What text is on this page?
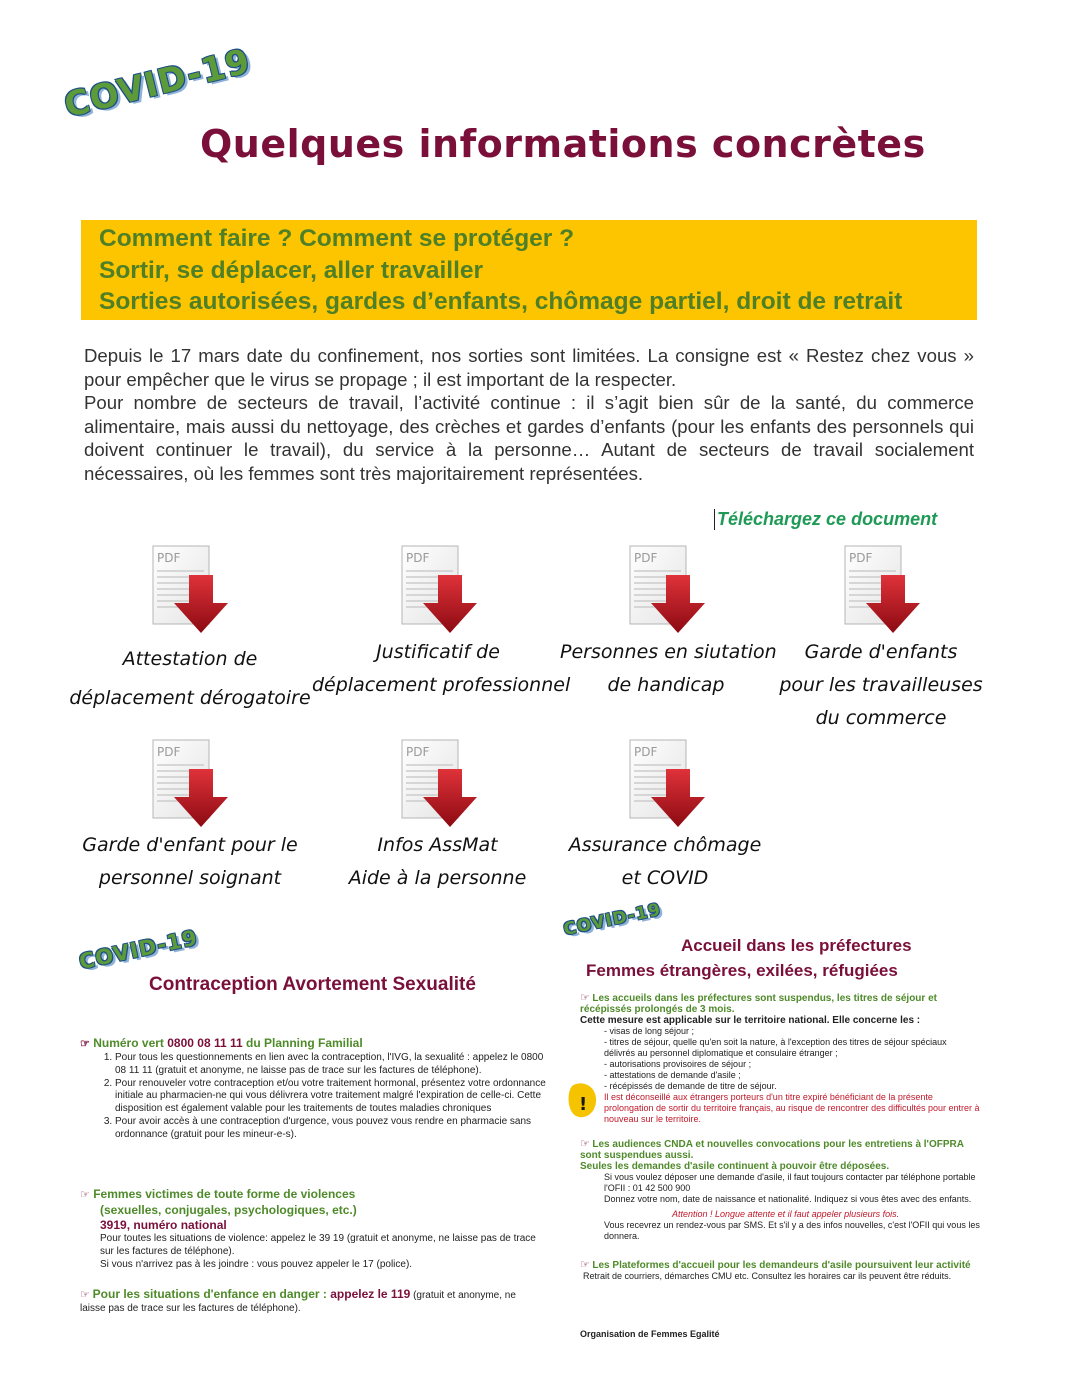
COVID-19
Quelques informations concrètes
Comment faire ? Comment se protéger ?
Sortir, se déplacer, aller travailler
Sorties autorisées, gardes d’enfants, chômage partiel, droit de retrait

Depuis le 17 mars date du confinement, nos sorties sont limitées. La consigne est « Restez chez vous » pour empêcher que le virus se propage ; il est important de la respecter.

Pour nombre de secteurs de travail, l’activité continue : il s’agit bien sûr de la santé, du commerce alimentaire, mais aussi du nettoyage, des crèches et gardes d’enfants (pour les enfants des personnels qui doivent continuer le travail), du service à la personne… Autant de secteurs de travail socialement nécessaires, où les femmes sont très majoritairement représentées.

Téléchargez ce document
PDF	PDF	PDF	PDF
PDF	PDF	PDF
Attestation de
déplacement dérogatoire
Justificatif de
déplacement professionnel
Personnes en siutation
de handicap
Garde d'enfants
pour les travailleuses
du commerce
Garde d'enfant pour le
personnel soignant
Infos AssMat
Aide à la personne
Assurance chômage
et COVID
COVID-19
Contraception Avortement Sexualité
☞ Numéro vert 0800 08 11 11 du Planning Familial
1. Pour tous les questionnements en lien avec la contraception, l'IVG, la sexualité : appelez le 0800 08 11 11 (gratuit et anonyme, ne laisse pas de trace sur les factures de téléphone).
2. Pour renouveler votre contraception et/ou votre traitement hormonal, présentez votre ordonnance initiale au pharmacien-ne qui vous délivrera votre traitement malgré l'expiration de celle-ci. Cette disposition est également valable pour les traitements de toutes maladies chroniques
3. Pour avoir accès à une contraception d'urgence, vous pouvez vous rendre en pharmacie sans ordonnance (gratuit pour les mineur-e-s).
☞ Femmes victimes de toute forme de violences
(sexuelles, conjugales, psychologiques, etc.)
3919, numéro national
Pour toutes les situations de violence: appelez le 39 19 (gratuit et anonyme, ne laisse pas de trace sur les factures de téléphone).
Si vous n'arrivez pas à les joindre : vous pouvez appeler le 17 (police).
☞ Pour les situations d'enfance en danger : appelez le 119 (gratuit et anonyme, ne laisse pas de trace sur les factures de téléphone).
COVID-19
Accueil dans les préfectures
Femmes étrangères, exilées, réfugiées
☞ Les accueils dans les préfectures sont suspendus, les titres de séjour et récépissés prolongés de 3 mois.
Cette mesure est applicable sur le territoire national. Elle concerne les :
- visas de long séjour ;
- titres de séjour, quelle qu'en soit la nature, à l'exception des titres de séjour spéciaux délivrés au personnel diplomatique et consulaire étranger ;
- autorisations provisoires de séjour ;
- attestations de demande d'asile ;
- récépissés de demande de titre de séjour.
Il est déconseillé aux étrangers porteurs d'un titre expiré bénéficiant de la présente prolongation de sortir du territoire français, au risque de rencontrer des difficultés pour entrer à nouveau sur le territoire.
!
☞ Les audiences CNDA et nouvelles convocations pour les entretiens à l'OFPRA sont suspendues aussi.
Seules les demandes d'asile continuent à pouvoir être déposées.
Si vous voulez déposer une demande d'asile, il faut toujours contacter par téléphone portable l'OFII : 01 42 500 900
Donnez votre nom, date de naissance et nationalité. Indiquez si vous êtes avec des enfants.
Attention ! Longue attente et il faut appeler plusieurs fois.
Vous recevrez un rendez-vous par SMS. Et s'il y a des infos nouvelles, c'est l'OFII qui vous les donnera.
☞ Les Plateformes d'accueil pour les demandeurs d'asile poursuivent leur activité
Retrait de courriers, démarches CMU etc. Consultez les horaires car ils peuvent être réduits.
Organisation de Femmes Egalité
